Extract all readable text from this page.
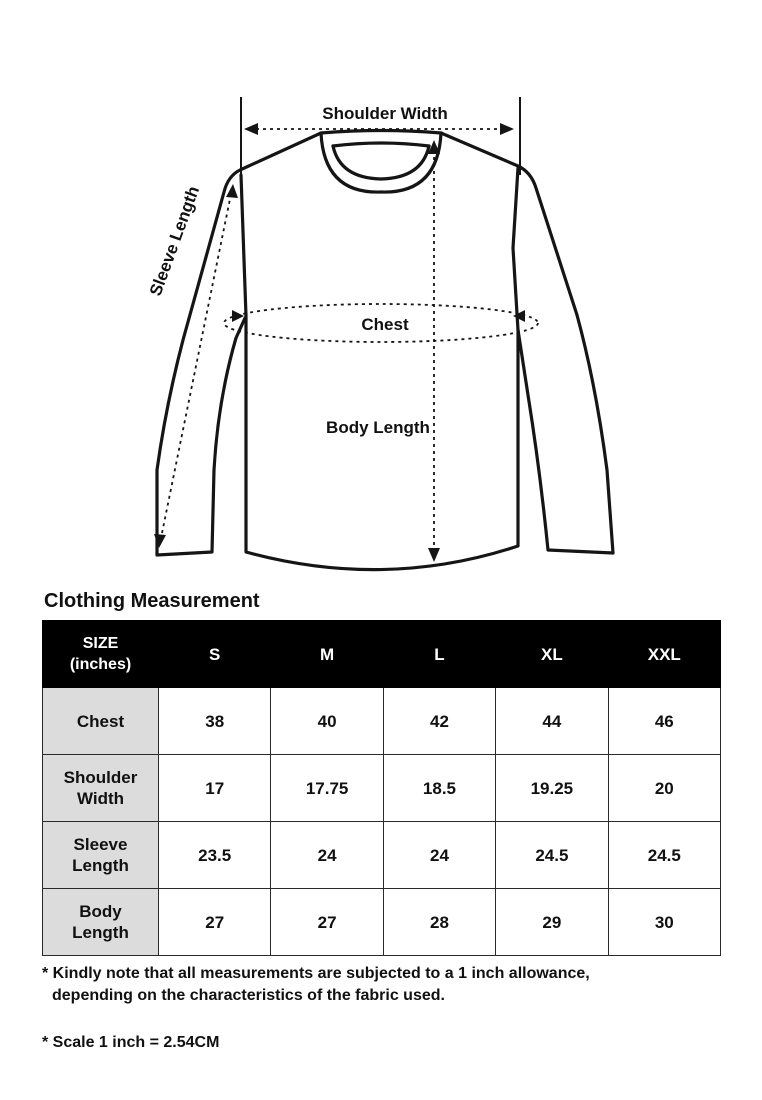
Shoulder Width
Sleeve Length
Chest
Body Length
Clothing Measurement
SIZE
(inches)	S	M	L	XL	XXL
Chest	38	40	42	44	46
Shoulder
Width	17	17.75	18.5	19.25	20
Sleeve
Length	23.5	24	24	24.5	24.5
Body
Length	27	27	28	29	30

* Kindly note that all measurements are subjected to a 1 inch allowance,
depending on the characteristics of the fabric used.

* Scale 1 inch = 2.54CM
